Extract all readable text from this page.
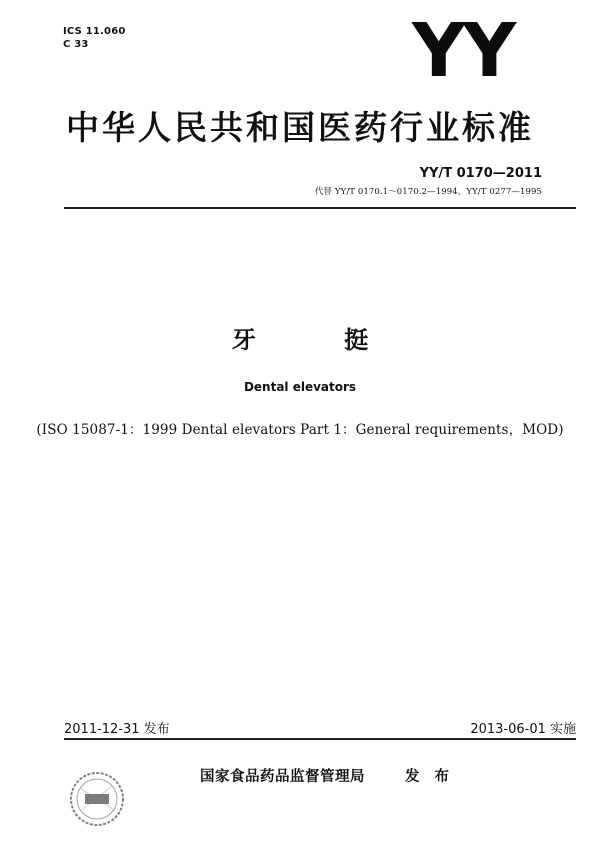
ICS 11.060
C 33	YY
中华人民共和国医药行业标准
YY/T 0170—2011
代替 YY/T 0170.1～0170.2—1994，YY/T 0277—1995
牙 挺
Dental elevators
(ISO 15087-1：1999 Dental elevators Part 1：General requirements，MOD)
2011-12-31 发布	2013-06-01 实施
国家食品药品监督管理局	发 布
